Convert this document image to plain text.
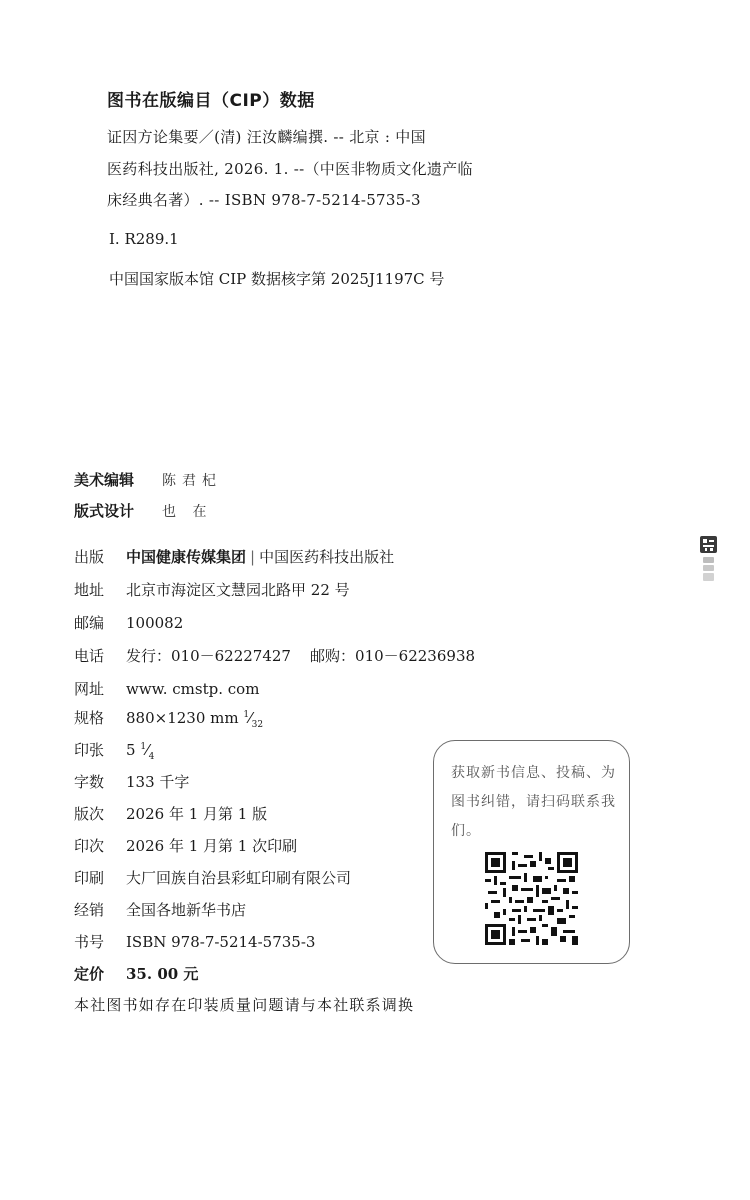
图书在版编目（CIP）数据
证因方论集要／(清) 汪汝麟编撰. -- 北京 : 中国
医药科技出版社, 2026. 1. --（中医非物质文化遗产临
床经典名著）. -- ISBN 978-7-5214-5735-3
Ⅰ. R289.1
中国国家版本馆 CIP 数据核字第 2025J1197C 号
美术编辑 陈君杞
版式设计 也 在
出版 中国健康传媒集团 | 中国医药科技出版社
地址 北京市海淀区文慧园北路甲 22 号
邮编 100082
电话 发行：010－62227427    邮购：010－62236938
网址 www. cmstp. com
规格 880×1230 mm $^1⁄_{32}$
印张 5 $^1⁄_4$
字数 133 千字
版次 2026 年 1 月第 1 版
印次 2026 年 1 月第 1 次印刷
印刷 大厂回族自治县彩虹印刷有限公司
经销 全国各地新华书店
书号 ISBN 978-7-5214-5735-3
定价 35. 00 元
本社图书如存在印装质量问题请与本社联系调换
获取新书信息、投稿、为图书纠错，请扫码联系我们。
